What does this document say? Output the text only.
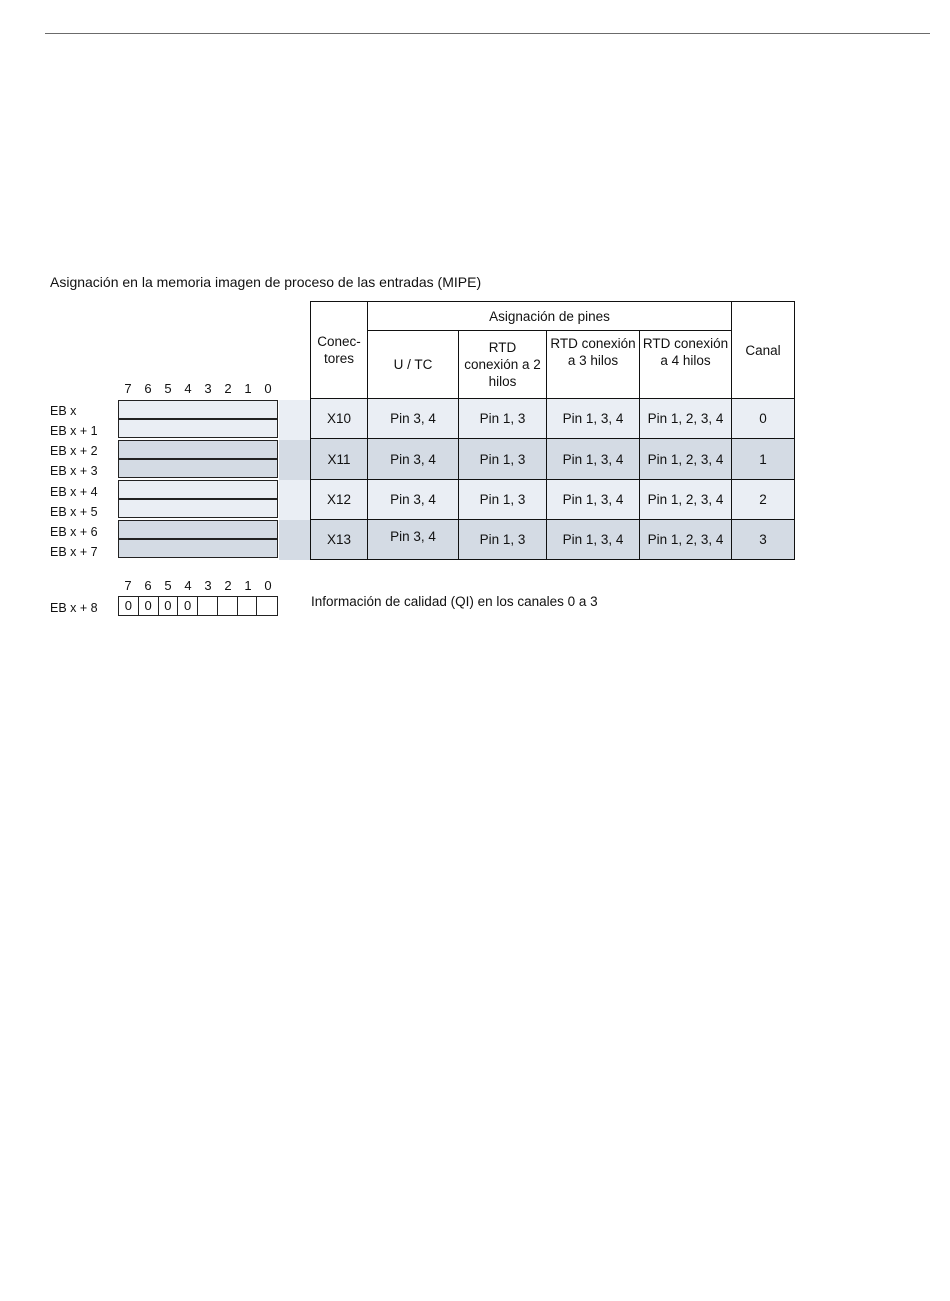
Asignación en la memoria imagen de proceso de las entradas (MIPE)
7 6 5 4 3 2 1 0
EB x
EB x + 1
EB x + 2
EB x + 3
EB x + 4
EB x + 5
EB x + 6
EB x + 7
Conec- tores	Asignación de pines				Canal
	U / TC	RTD conexión a 2 hilos	RTD conexión a 3 hilos	RTD conexión a 4 hilos	
X10	Pin 3, 4	Pin 1, 3	Pin 1, 3, 4	Pin 1, 2, 3, 4	0
X11	Pin 3, 4	Pin 1, 3	Pin 1, 3, 4	Pin 1, 2, 3, 4	1
X12	Pin 3, 4	Pin 1, 3	Pin 1, 3, 4	Pin 1, 2, 3, 4	2
X13	Pin 3, 4	Pin 1, 3	Pin 1, 3, 4	Pin 1, 2, 3, 4	3
7 6 5 4 3 2 1 0
EB x + 8	0 0 0 0	Información de calidad (QI) en los canales 0 a 3
